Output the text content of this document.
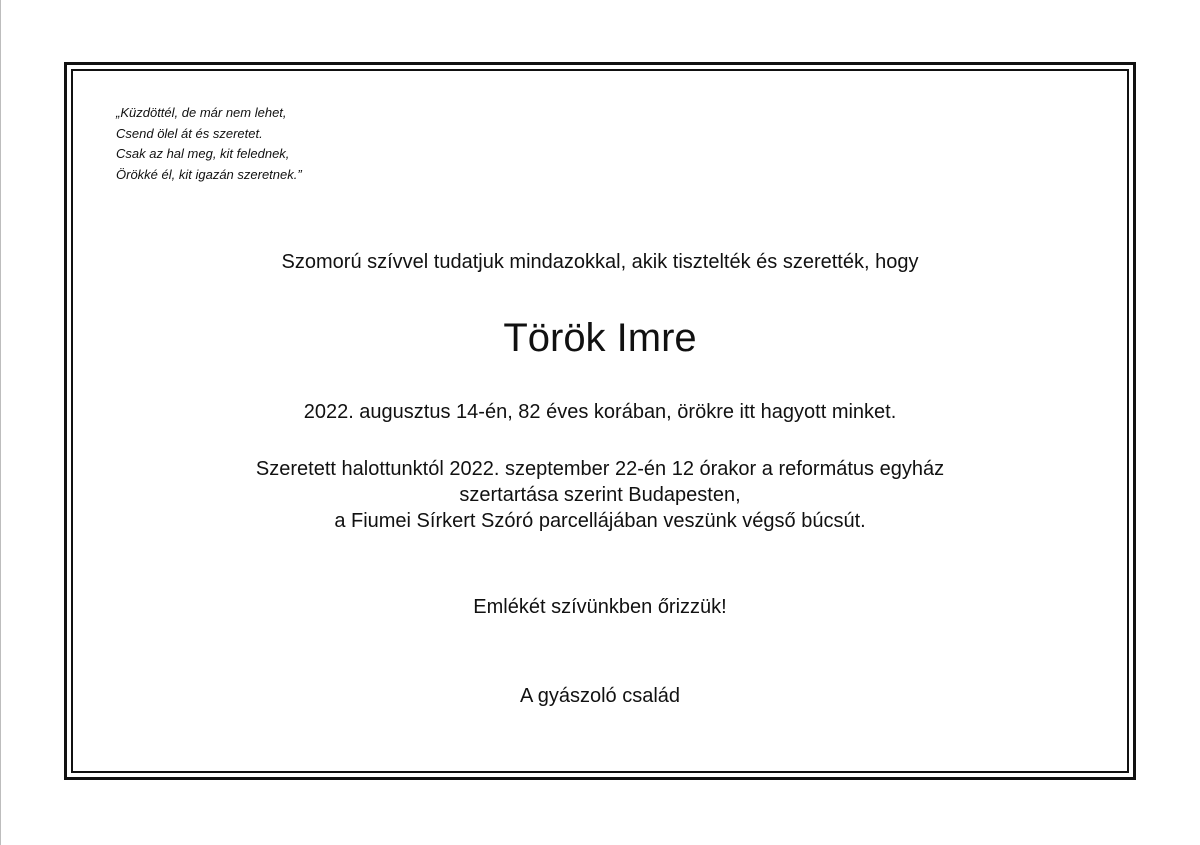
„Küzdöttél, de már nem lehet,
Csend ölel át és szeretet.
Csak az hal meg, kit felednek,
Örökké él, kit igazán szeretnek.”
Szomorú szívvel tudatjuk mindazokkal, akik tisztelték és szerették, hogy
Török Imre
2022. augusztus 14-én, 82 éves korában, örökre itt hagyott minket.
Szeretett halottunktól 2022. szeptember 22-én 12 órakor a református egyház
szertartása szerint Budapesten,
a Fiumei Sírkert Szóró parcellájában veszünk végső búcsút.
Emlékét szívünkben őrizzük!
A gyászoló család
